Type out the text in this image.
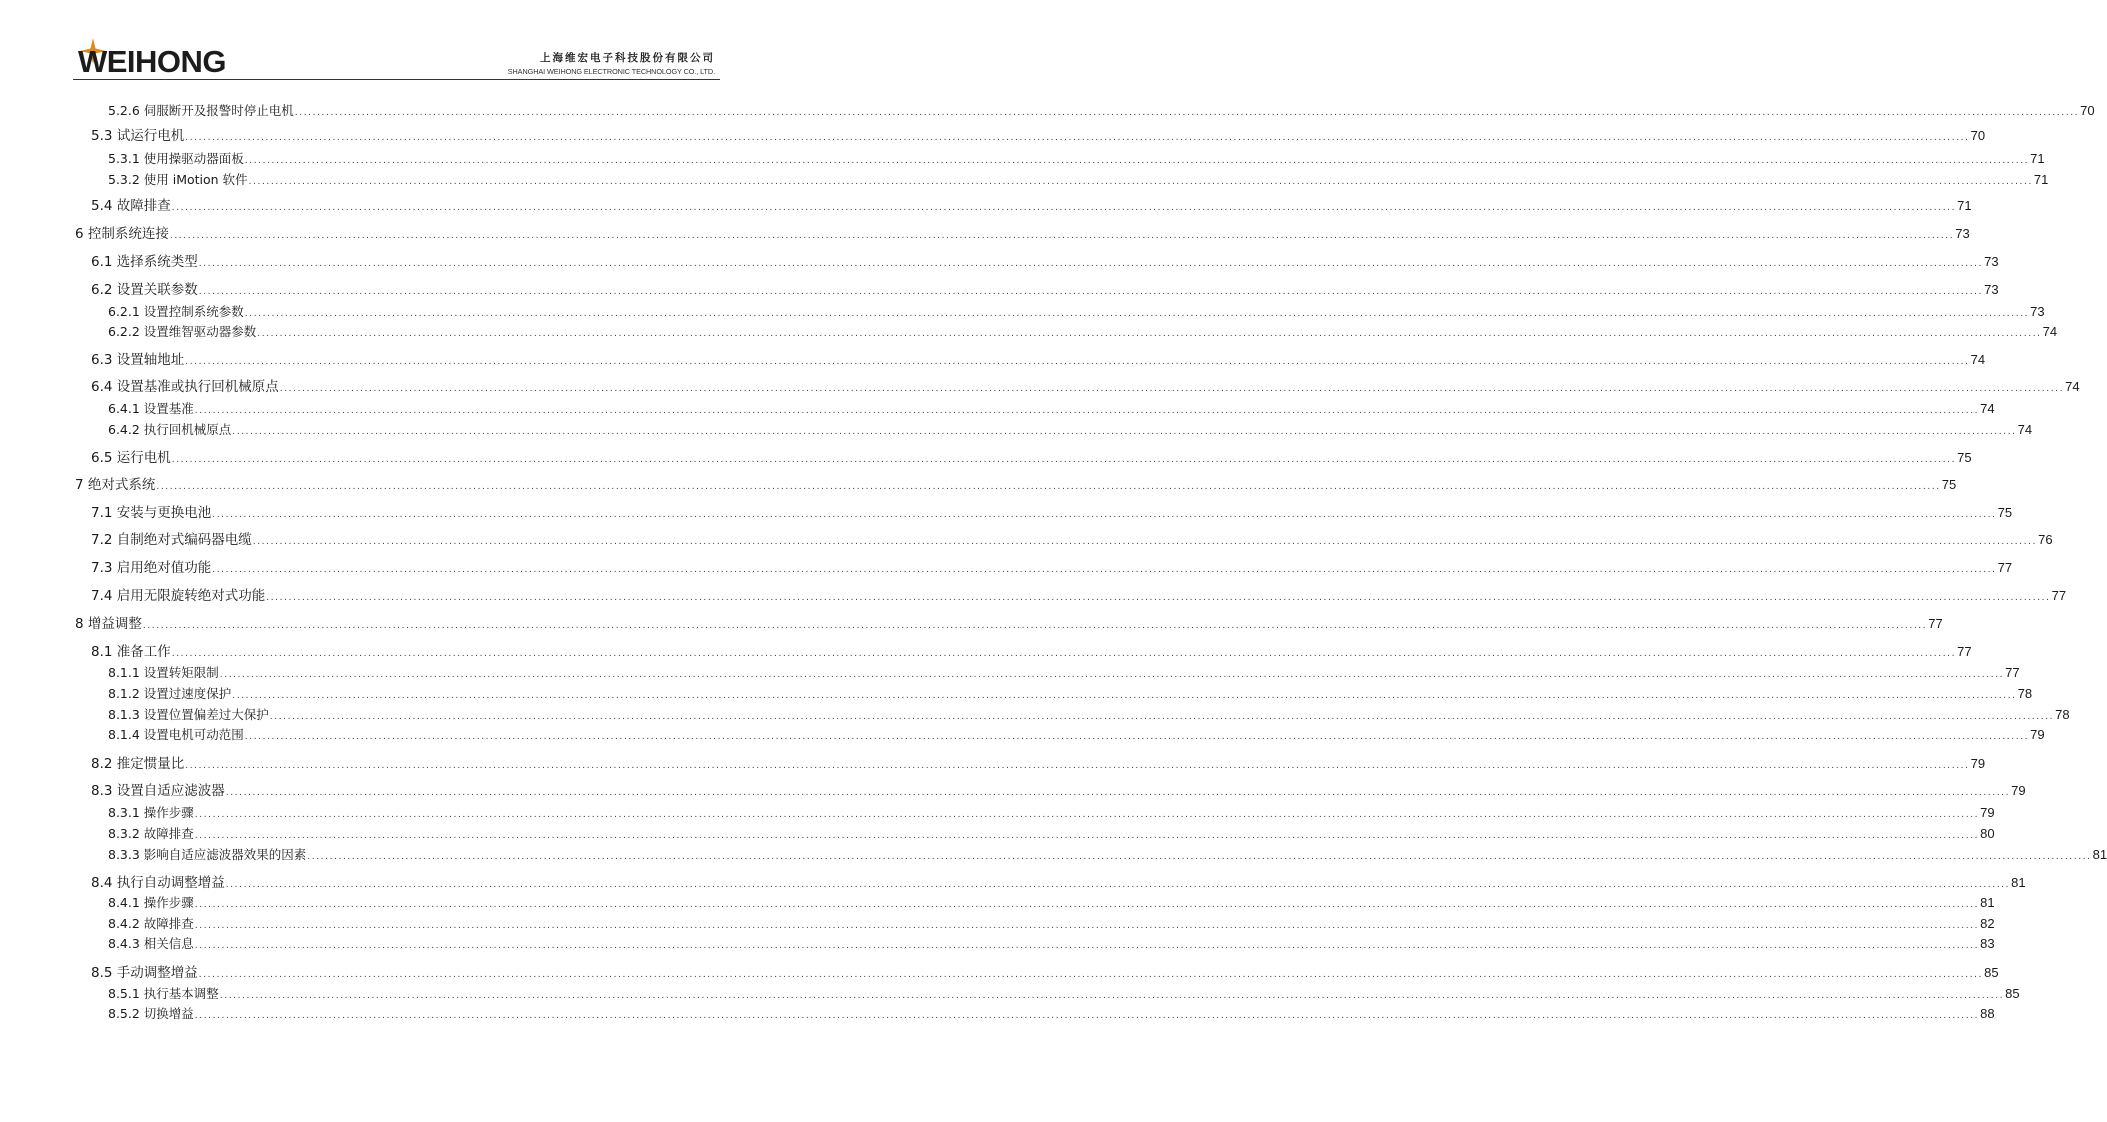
WEIHONG	上海维宏电子科技股份有限公司
SHANGHAI WEIHONG ELECTRONIC TECHNOLOGY CO., LTD.
5.2.6 伺服断开及报警时停止电机 ................................................................................................................................................................................................................................................................................................................................................................................................................ 70
5.3 试运行电机 ................................................................................................................................................................................................................................................................................................................................................................................................................ 70
5.3.1 使用操驱动器面板 ................................................................................................................................................................................................................................................................................................................................................................................................................ 71
5.3.2 使用 iMotion 软件 ................................................................................................................................................................................................................................................................................................................................................................................................................ 71
5.4 故障排查 ................................................................................................................................................................................................................................................................................................................................................................................................................ 71
6 控制系统连接 ................................................................................................................................................................................................................................................................................................................................................................................................................ 73
6.1 选择系统类型 ................................................................................................................................................................................................................................................................................................................................................................................................................ 73
6.2 设置关联参数 ................................................................................................................................................................................................................................................................................................................................................................................................................ 73
6.2.1 设置控制系统参数 ................................................................................................................................................................................................................................................................................................................................................................................................................ 73
6.2.2 设置维智驱动器参数 ................................................................................................................................................................................................................................................................................................................................................................................................................ 74
6.3 设置轴地址 ................................................................................................................................................................................................................................................................................................................................................................................................................ 74
6.4 设置基准或执行回机械原点 ................................................................................................................................................................................................................................................................................................................................................................................................................ 74
6.4.1 设置基准 ................................................................................................................................................................................................................................................................................................................................................................................................................ 74
6.4.2 执行回机械原点 ................................................................................................................................................................................................................................................................................................................................................................................................................ 74
6.5 运行电机 ................................................................................................................................................................................................................................................................................................................................................................................................................ 75
7 绝对式系统 ................................................................................................................................................................................................................................................................................................................................................................................................................ 75
7.1 安装与更换电池 ................................................................................................................................................................................................................................................................................................................................................................................................................ 75
7.2 自制绝对式编码器电缆 ................................................................................................................................................................................................................................................................................................................................................................................................................ 76
7.3 启用绝对值功能 ................................................................................................................................................................................................................................................................................................................................................................................................................ 77
7.4 启用无限旋转绝对式功能 ................................................................................................................................................................................................................................................................................................................................................................................................................ 77
8 增益调整 ................................................................................................................................................................................................................................................................................................................................................................................................................ 77
8.1 准备工作 ................................................................................................................................................................................................................................................................................................................................................................................................................ 77
8.1.1 设置转矩限制 ................................................................................................................................................................................................................................................................................................................................................................................................................ 77
8.1.2 设置过速度保护 ................................................................................................................................................................................................................................................................................................................................................................................................................ 78
8.1.3 设置位置偏差过大保护 ................................................................................................................................................................................................................................................................................................................................................................................................................ 78
8.1.4 设置电机可动范围 ................................................................................................................................................................................................................................................................................................................................................................................................................ 79
8.2 推定惯量比 ................................................................................................................................................................................................................................................................................................................................................................................................................ 79
8.3 设置自适应滤波器 ................................................................................................................................................................................................................................................................................................................................................................................................................ 79
8.3.1 操作步骤 ................................................................................................................................................................................................................................................................................................................................................................................................................ 79
8.3.2 故障排查 ................................................................................................................................................................................................................................................................................................................................................................................................................ 80
8.3.3 影响自适应滤波器效果的因素 ................................................................................................................................................................................................................................................................................................................................................................................................................ 81
8.4 执行自动调整增益 ................................................................................................................................................................................................................................................................................................................................................................................................................ 81
8.4.1 操作步骤 ................................................................................................................................................................................................................................................................................................................................................................................................................ 81
8.4.2 故障排查 ................................................................................................................................................................................................................................................................................................................................................................................................................ 82
8.4.3 相关信息 ................................................................................................................................................................................................................................................................................................................................................................................................................ 83
8.5 手动调整增益 ................................................................................................................................................................................................................................................................................................................................................................................................................ 85
8.5.1 执行基本调整 ................................................................................................................................................................................................................................................................................................................................................................................................................ 85
8.5.2 切换增益 ................................................................................................................................................................................................................................................................................................................................................................................................................ 88
